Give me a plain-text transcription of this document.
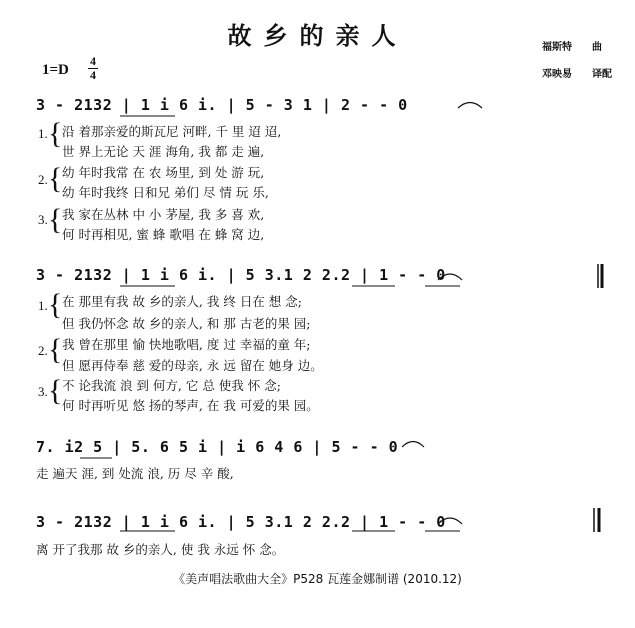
故乡的亲人
1=D
4
4
福斯特 曲
邓映易 译配
3 - 2132 | 1 i 6 i. | 5 - 3 1 | 2 - - 0
1. { 沿 着那亲爱的斯瓦尼 河畔, 千 里 迢 迢,
世 界上无论 天 涯 海角, 我 都 走 遍,
2. { 幼 年时我常 在 农 场里, 到 处 游 玩,
幼 年时我终 日和兄 弟们 尽 情 玩 乐,
3. { 我 家在丛林 中 小 茅屋, 我 多 喜 欢,
何 时再相见, 蜜 蜂 歌唱 在 蜂 窝 边,
3 - 2132 | 1 i 6 i. | 5 3.1 2 2.2 | 1 - - 0
1. { 在 那里有我 故 乡的亲人, 我 终 日在 想 念;
但 我仍怀念 故 乡的亲人, 和 那 古老的果 园;
2. { 我 曾在那里 愉 快地歌唱, 度 过 幸福的童 年;
但 愿再侍奉 慈 爱的母亲, 永 远 留在 她身 边。
3. { 不 论我流 浪 到 何方, 它 总 使我 怀 念;
何 时再听见 悠 扬的琴声, 在 我 可爱的果 园。
7. i2 5 | 5. 6 5 i | i 6 4 6 | 5 - - 0
走 遍天 涯, 到 处流 浪, 历 尽 辛 酸,
3 - 2132 | 1 i 6 i. | 5 3.1 2 2.2 | 1 - - 0
离 开了我那 故 乡的亲人, 使 我 永远 怀 念。
《美声唱法歌曲大全》P528 瓦莲金娜制谱 (2010.12)
